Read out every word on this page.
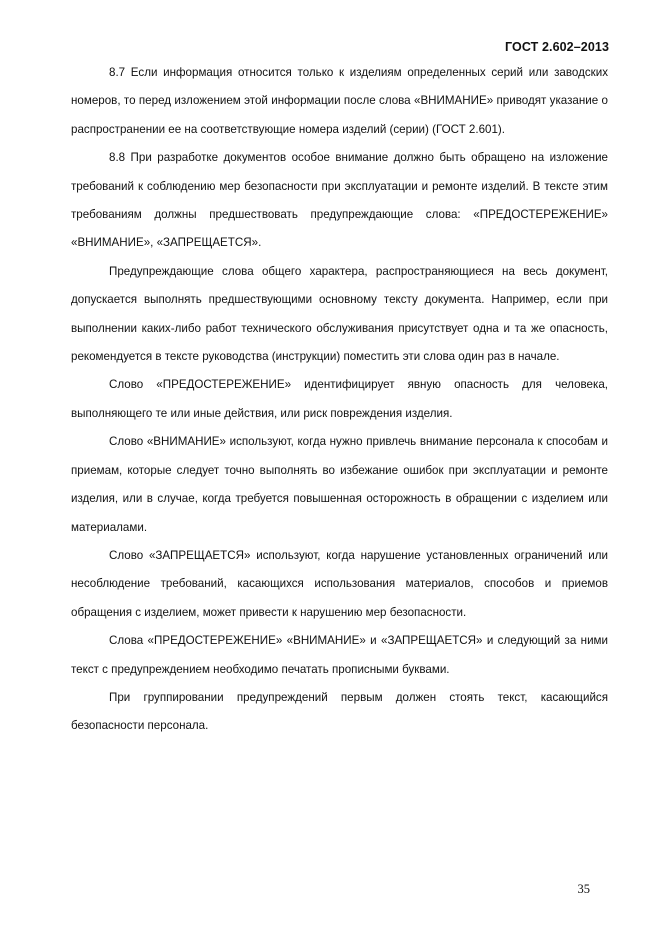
ГОСТ 2.602–2013

8.7 Если информация относится только к изделиям определенных серий или заводских номеров, то перед изложением этой информации после слова «ВНИМАНИЕ» приводят указание о распространении ее на соответствующие номера изделий (серии) (ГОСТ 2.601).

8.8 При разработке документов особое внимание должно быть обращено на изложение требований к соблюдению мер безопасности при эксплуатации и ремонте изделий. В тексте этим требованиям должны предшествовать предупреждающие слова: «ПРЕДОСТЕРЕЖЕНИЕ» «ВНИМАНИЕ», «ЗАПРЕЩАЕТСЯ».

Предупреждающие слова общего характера, распространяющиеся на весь документ, допускается выполнять предшествующими основному тексту документа. Например, если при выполнении каких-либо работ технического обслуживания присутствует одна и та же опасность, рекомендуется в тексте руководства (инструкции) поместить эти слова один раз в начале.

Слово «ПРЕДОСТЕРЕЖЕНИЕ» идентифицирует явную опасность для человека, выполняющего те или иные действия, или риск повреждения изделия.

Слово «ВНИМАНИЕ» используют, когда нужно привлечь внимание персонала к способам и приемам, которые следует точно выполнять во избежание ошибок при эксплуатации и ремонте изделия, или в случае, когда требуется повышенная осторожность в обращении с изделием или материалами.

Слово «ЗАПРЕЩАЕТСЯ» используют, когда нарушение установленных ограничений или несоблюдение требований, касающихся использования материалов, способов и приемов обращения с изделием, может привести к нарушению мер безопасности.

Слова «ПРЕДОСТЕРЕЖЕНИЕ» «ВНИМАНИЕ» и «ЗАПРЕЩАЕТСЯ» и следующий за ними текст с предупреждением необходимо печатать прописными буквами.

При группировании предупреждений первым должен стоять текст, касающийся безопасности персонала.

35
